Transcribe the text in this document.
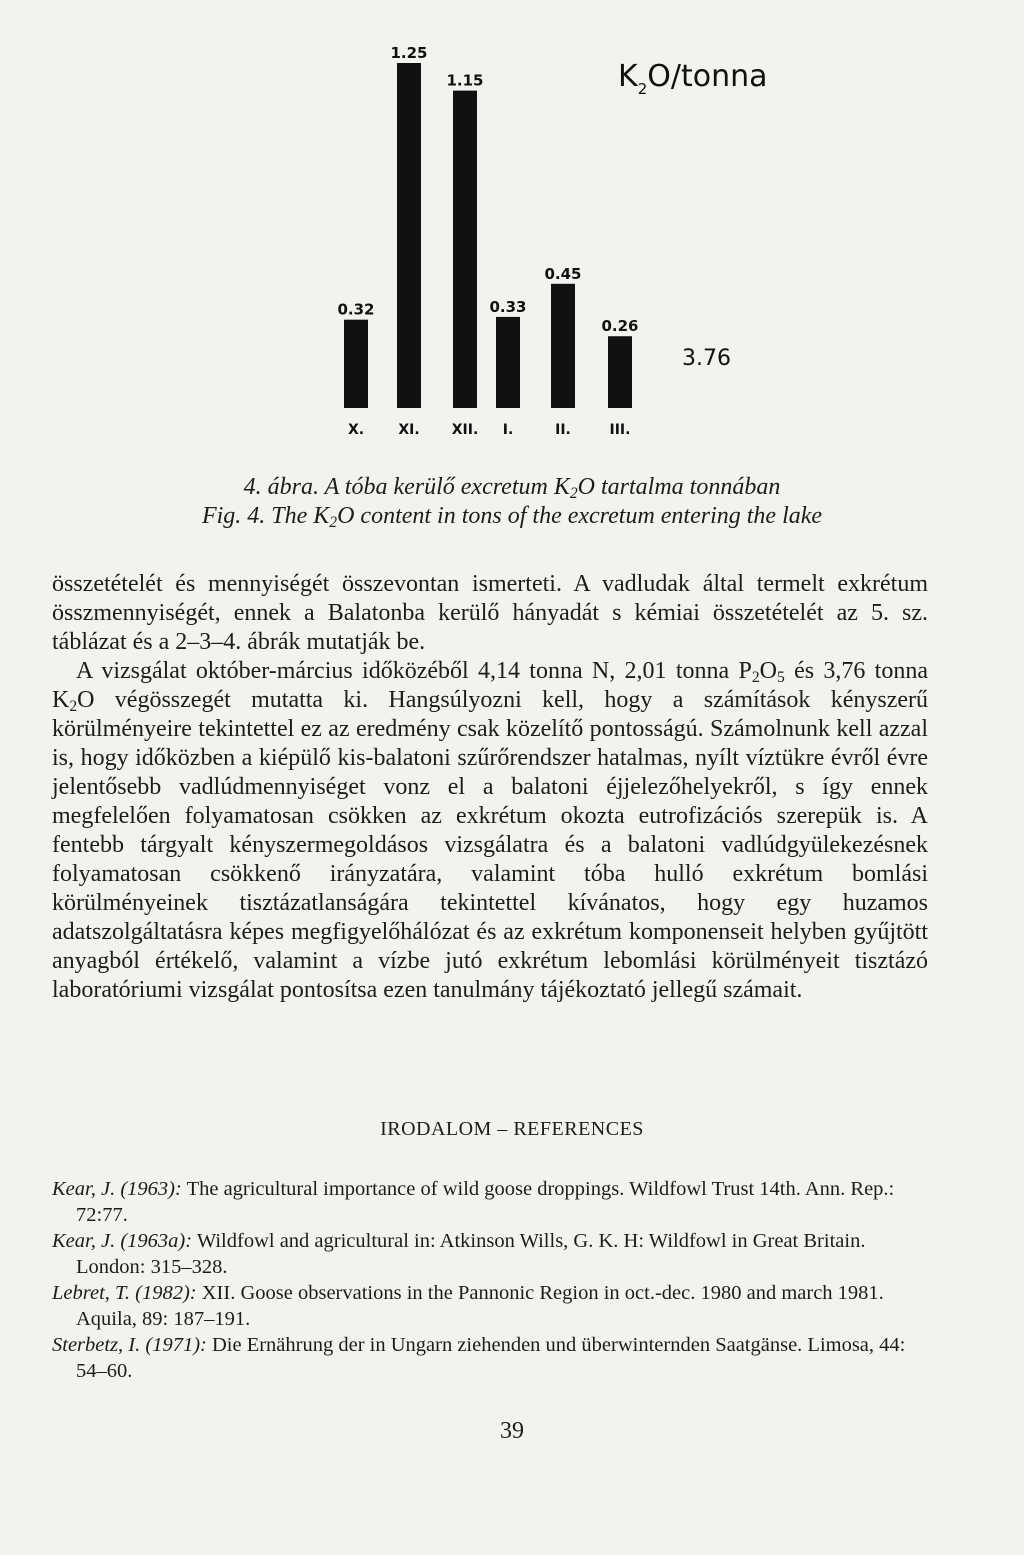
0.32
1.25
1.15
0.33
0.45
0.26
X. XI. XII. I.	II.	III.
3.76
K2O/tonna
4. ábra. A tóba kerülő excretum $K_2O$ tartalma tonnában
Fig. 4. The $K_2O$ content in tons of the excretum entering the lake

összetételét és mennyiségét összevontan ismerteti. A vadludak által termelt exkrétum összmennyiségét, ennek a Balatonba kerülő hányadát s kémiai összetételét az 5. sz. táblázat és a 2–3–4. ábrák mutatják be.

A vizsgálat október-március időközéből 4,14 tonna N, 2,01 tonna $P_2O_5$ és 3,76 tonna $K_2O$ végösszegét mutatta ki. Hangsúlyozni kell, hogy a számítások kényszerű körülményeire tekintettel ez az eredmény csak közelítő pontosságú. Számolnunk kell azzal is, hogy időközben a kiépülő kis-balatoni szűrőrendszer hatalmas, nyílt víztükre évről évre jelentősebb vadlúdmennyiséget vonz el a balatoni éjjelezőhelyekről, s így ennek megfelelően folyamatosan csökken az exkrétum okozta eutrofizációs szerepük is. A fentebb tárgyalt kényszermegoldásos vizsgálatra és a balatoni vadlúdgyülekezésnek folyamatosan csökkenő irányzatára, valamint tóba hulló exkrétum bomlási körülményeinek tisztázatlanságára tekintettel kívánatos, hogy egy huzamos adatszolgáltatásra képes megfigyelőhálózat és az exkrétum komponenseit helyben gyűjtött anyagból értékelő, valamint a vízbe jutó exkrétum lebomlási körülményeit tisztázó laboratóriumi vizsgálat pontosítsa ezen tanulmány tájékoztató jellegű számait.

IRODALOM – REFERENCES

Kear, J. (1963): The agricultural importance of wild goose droppings. Wildfowl Trust 14th. Ann. Rep.: 72:77.

Kear, J. (1963a): Wildfowl and agricultural in: Atkinson Wills, G. K. H: Wildfowl in Great Britain. London: 315–328.

Lebret, T. (1982): XII. Goose observations in the Pannonic Region in oct.-dec. 1980 and march 1981. Aquila, 89: 187–191.

Sterbetz, I. (1971): Die Ernährung der in Ungarn ziehenden und überwinternden Saatgänse. Limosa, 44: 54–60.

39
